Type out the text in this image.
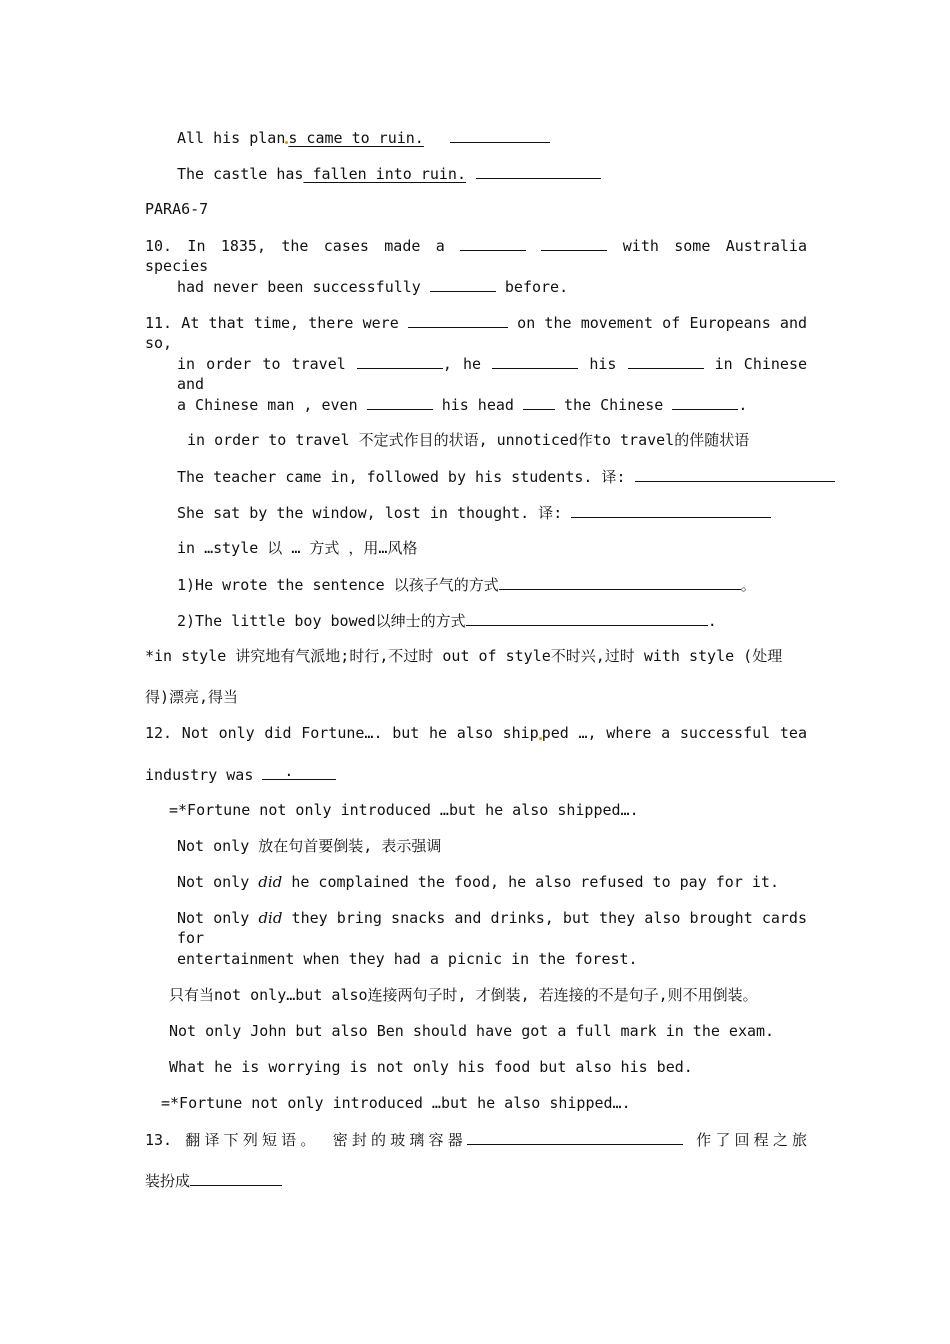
All his plan s came to ruin.
The castle has fallen into ruin.
PARA6-7
10. In 1835, the cases made a	with some Australia species
had never been successfully	before.
11. At that time, there were	on the movement of Europeans and so,
in order to travel	, he	his	in Chinese and
a Chinese man , even	his head	the Chinese	.
in order to travel 不定式作目的状语, unnoticed作to travel的伴随状语
The teacher came in, followed by his students. 译:
She sat by the window, lost in thought. 译:
in …style 以 … 方式 ，用…风格
1)He wrote the sentence 以孩子气的方式	。
2)The little boy bowed以绅士的方式	.
*in style 讲究地有气派地;时行,不过时 out of style不时兴,过时 with style (处理
得)漂亮,得当
12. Not only did Fortune…. but he also ship ped …, where a successful tea
industry was .
=*Fortune not only introduced …but he also shipped….
Not only 放在句首要倒装, 表示强调
Not only did he complained the food, he also refused to pay for it.
Not only did they bring snacks and drinks, but they also brought cards for
entertainment when they had a picnic in the forest.
只有当not only…but also连接两句子时, 才倒装, 若连接的不是句子,则不用倒装。
Not only John but also Ben should have got a full mark in the exam.
What he is worrying is not only his food but also his bed.
=*Fortune not only introduced …but he also shipped….
13. 翻译下列短语。 密封的玻璃容器	作了回程之旅
装扮成
